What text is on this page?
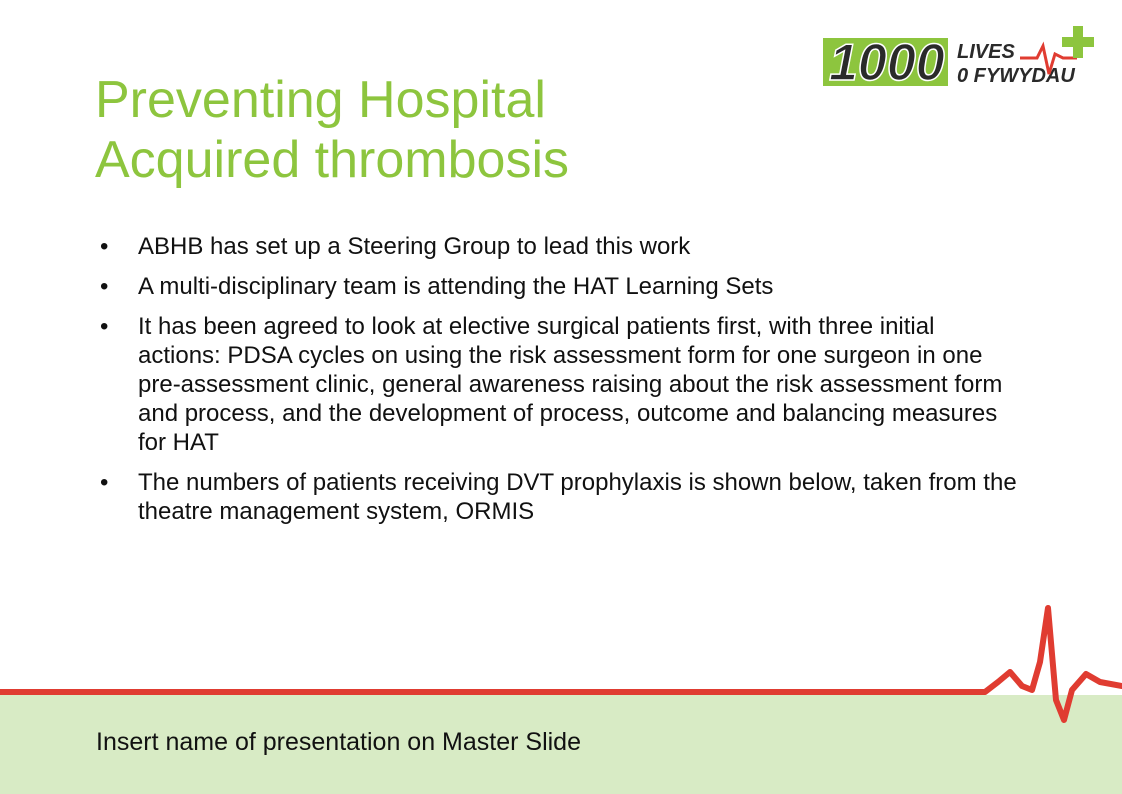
1000 LIVES
0 FYWYDAU
Preventing Hospital
Acquired thrombosis
•	ABHB has set up a Steering Group to lead this work
•	A multi-disciplinary team is attending the HAT Learning Sets
•	It has been agreed to look at elective surgical patients first, with three initial actions: PDSA cycles on using the risk assessment form for one surgeon in one pre-assessment clinic, general awareness raising about the risk assessment form and process, and the development of process, outcome and balancing measures for HAT
•	The numbers of patients receiving DVT prophylaxis is shown below, taken from the theatre management system, ORMIS
Insert name of presentation on Master Slide
